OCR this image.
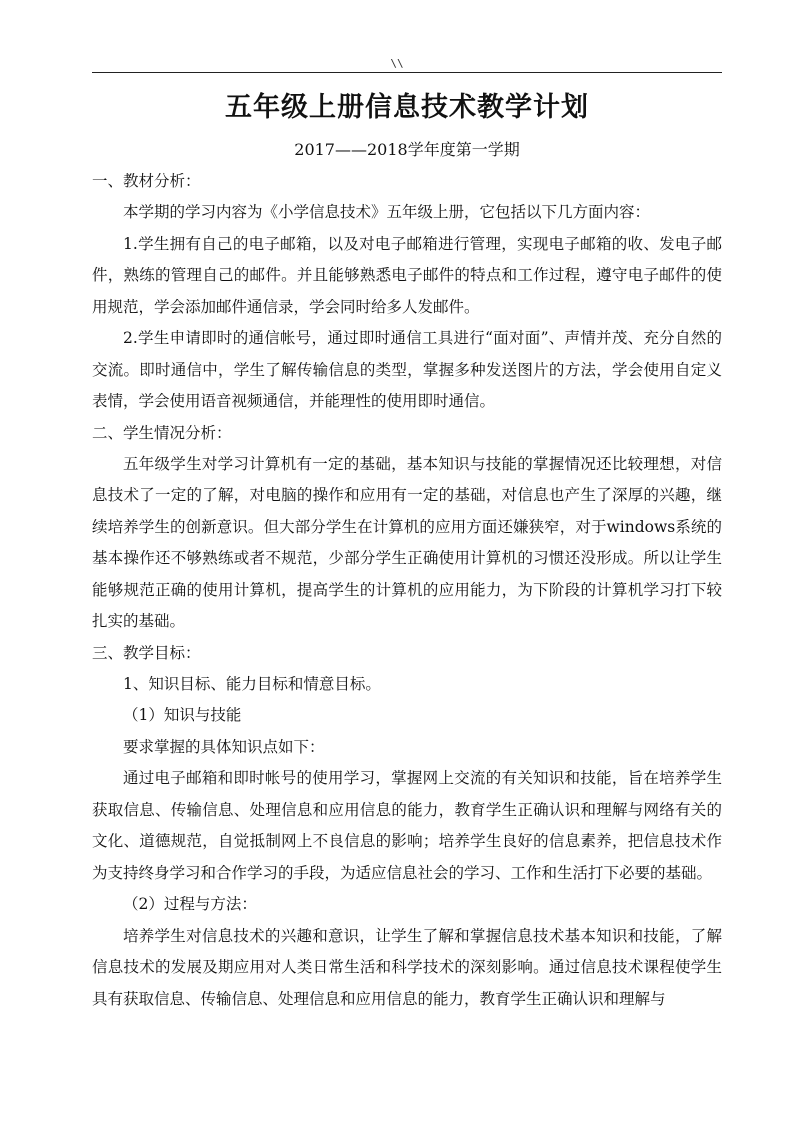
\\
五年级上册信息技术教学计划

2017——2018学年度第一学期

一、教材分析：

本学期的学习内容为《小学信息技术》五年级上册，它包括以下几方面内容：

1.学生拥有自己的电子邮箱，以及对电子邮箱进行管理，实现电子邮箱的收、发电子邮件，熟练的管理自己的邮件。并且能够熟悉电子邮件的特点和工作过程，遵守电子邮件的使用规范，学会添加邮件通信录，学会同时给多人发邮件。

2.学生申请即时的通信帐号，通过即时通信工具进行“面对面”、声情并茂、充分自然的交流。即时通信中，学生了解传输信息的类型，掌握多种发送图片的方法，学会使用自定义表情，学会使用语音视频通信，并能理性的使用即时通信。

二、学生情况分析：

五年级学生对学习计算机有一定的基础，基本知识与技能的掌握情况还比较理想，对信息技术了一定的了解，对电脑的操作和应用有一定的基础，对信息也产生了深厚的兴趣，继续培养学生的创新意识。但大部分学生在计算机的应用方面还嫌狭窄，对于windows系统的基本操作还不够熟练或者不规范，少部分学生正确使用计算机的习惯还没形成。所以让学生能够规范正确的使用计算机，提高学生的计算机的应用能力，为下阶段的计算机学习打下较扎实的基础。

三、教学目标：

1、知识目标、能力目标和情意目标。

（1）知识与技能

要求掌握的具体知识点如下：

通过电子邮箱和即时帐号的使用学习，掌握网上交流的有关知识和技能，旨在培养学生获取信息、传输信息、处理信息和应用信息的能力，教育学生正确认识和理解与网络有关的文化、道德规范，自觉抵制网上不良信息的影响；培养学生良好的信息素养，把信息技术作为支持终身学习和合作学习的手段，为适应信息社会的学习、工作和生活打下必要的基础。

（2）过程与方法：

培养学生对信息技术的兴趣和意识，让学生了解和掌握信息技术基本知识和技能，了解信息技术的发展及期应用对人类日常生活和科学技术的深刻影响。通过信息技术课程使学生具有获取信息、传输信息、处理信息和应用信息的能力，教育学生正确认识和理解与
